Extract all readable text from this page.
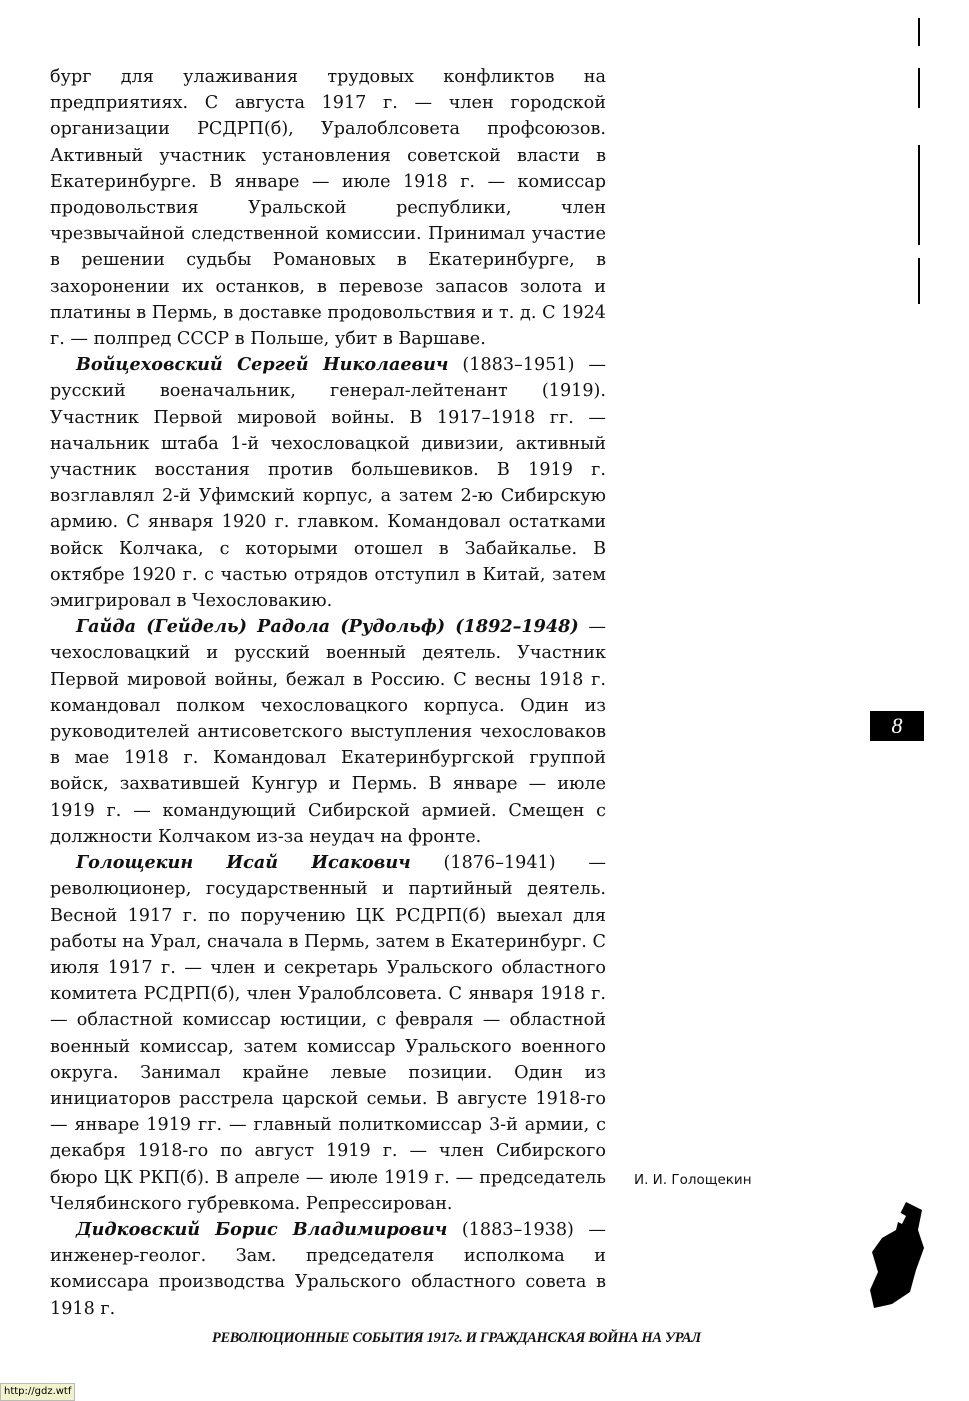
бург для улаживания трудовых конфликтов на предприятиях. С августа 1917 г. — член городской организации РСДРП(б), Уралоблсовета профсоюзов. Активный участник установления советской власти в Екатеринбурге. В январе — июле 1918 г. — комиссар продовольствия Уральской республики, член чрезвычайной следственной комиссии. Принимал участие в решении судьбы Романовых в Екатеринбурге, в захоронении их останков, в перевозе запасов золота и платины в Пермь, в доставке продовольствия и т. д. С 1924 г. — полпред СССР в Польше, убит в Варшаве.

Войцеховский Сергей Николаевич (1883–1951) — русский военачальник, генерал-лейтенант (1919). Участник Первой мировой войны. В 1917–1918 гг. — начальник штаба 1-й чехословацкой дивизии, активный участник восстания против большевиков. В 1919 г. возглавлял 2-й Уфимский корпус, а затем 2-ю Сибирскую армию. С января 1920 г. главком. Командовал остатками войск Колчака, с которыми отошел в Забайкалье. В октябре 1920 г. с частью отрядов отступил в Китай, затем эмигрировал в Чехословакию.

Гайда (Гейдель) Радола (Рудольф) (1892–1948) — чехословацкий и русский военный деятель. Участник Первой мировой войны, бежал в Россию. С весны 1918 г. командовал полком чехословацкого корпуса. Один из руководителей антисоветского выступления чехословаков в мае 1918 г. Командовал Екатеринбургской группой войск, захватившей Кунгур и Пермь. В январе — июле 1919 г. — командующий Сибирской армией. Смещен с должности Колчаком из-за неудач на фронте.

Голощекин Исай Исакович (1876–1941) — революционер, государственный и партийный деятель. Весной 1917 г. по поручению ЦК РСДРП(б) выехал для работы на Урал, сначала в Пермь, затем в Екатеринбург. С июля 1917 г. — член и секретарь Уральского областного комитета РСДРП(б), член Уралоблсовета. С января 1918 г. — областной комиссар юстиции, с февраля — областной военный комиссар, затем комиссар Уральского военного округа. Занимал крайне левые позиции. Один из инициаторов расстрела царской семьи. В августе 1918-го — январе 1919 гг. — главный политкомиссар 3-й армии, с декабря 1918-го по август 1919 г. — член Сибирского бюро ЦК РКП(б). В апреле — июле 1919 г. — председатель Челябинского губревкома. Репрессирован.

Дидковский Борис Владимирович (1883–1938) — инженер-геолог. Зам. председателя исполкома и комиссара производства Уральского областного совета в 1918 г.

И. И. Голощекин
8
РЕВОЛЮЦИОННЫЕ СОБЫТИЯ 1917г. И ГРАЖДАНСКАЯ ВОЙНА НА УРАЛ
http://gdz.wtf
